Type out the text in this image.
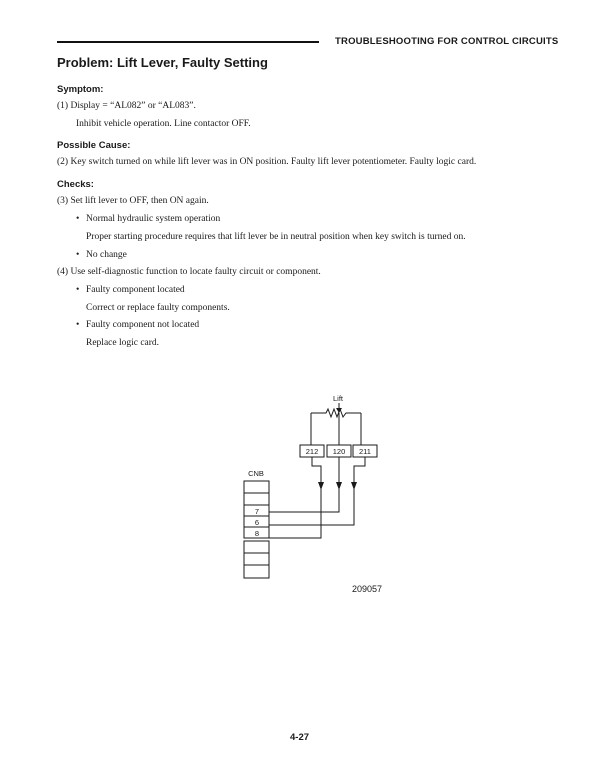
TROUBLESHOOTING FOR CONTROL CIRCUITS
Problem: Lift Lever, Faulty Setting
Symptom:
(1) Display = “AL082” or “AL083”.
Inhibit vehicle operation. Line contactor OFF.
Possible Cause:
(2) Key switch turned on while lift lever was in ON position. Faulty lift lever potentiometer. Faulty logic card.
Checks:
(3) Set lift lever to OFF, then ON again.
• Normal hydraulic system operation
Proper starting procedure requires that lift lever be in neutral position when key switch is turned on.
• No change
(4) Use self-diagnostic function to locate faulty circuit or component.
• Faulty component located
Correct or replace faulty components.
• Faulty component not located
Replace logic card.
Lift
212 120 211
CNB
7
6
8
209057
4-27
